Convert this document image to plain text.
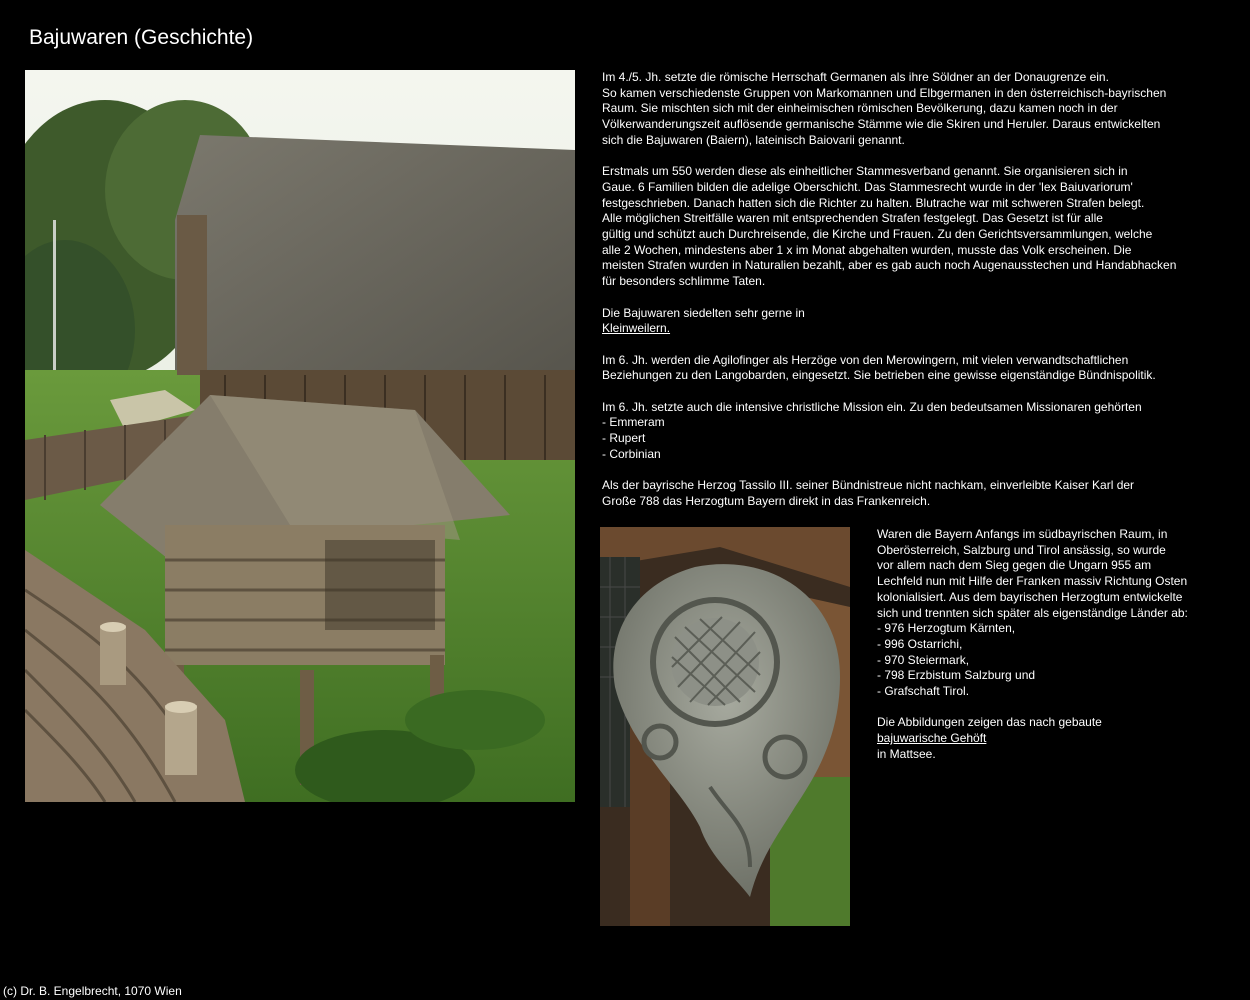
Bajuwaren (Geschichte)

Im 4./5. Jh. setzte die römische Herrschaft Germanen als ihre Söldner an der Donaugrenze ein.
So kamen verschiedenste Gruppen von Markomannen und Elbgermanen in den österreichisch-bayrischen
Raum. Sie mischten sich mit der einheimischen römischen Bevölkerung, dazu kamen noch in der
Völkerwanderungszeit auflösende germanische Stämme wie die Skiren und Heruler. Daraus entwickelten
sich die Bajuwaren (Baiern), lateinisch Baiovarii genannt.

Erstmals um 550 werden diese als einheitlicher Stammesverband genannt. Sie organisieren sich in
Gaue. 6 Familien bilden die adelige Oberschicht. Das Stammesrecht wurde in der 'lex Baiuvariorum'
festgeschrieben. Danach hatten sich die Richter zu halten. Blutrache war mit schweren Strafen belegt.
Alle möglichen Streitfälle waren mit entsprechenden Strafen festgelegt. Das Gesetzt ist für alle
gültig und schützt auch Durchreisende, die Kirche und Frauen. Zu den Gerichtsversammlungen, welche
alle 2 Wochen, mindestens aber 1 x im Monat abgehalten wurden, musste das Volk erscheinen. Die
meisten Strafen wurden in Naturalien bezahlt, aber es gab auch noch Augenausstechen und Handabhacken
für besonders schlimme Taten.

Die Bajuwaren siedelten sehr gerne in
Kleinweilern.

Im 6. Jh. werden die Agilofinger als Herzöge von den Merowingern, mit vielen verwandtschaftlichen
Beziehungen zu den Langobarden, eingesetzt. Sie betrieben eine gewisse eigenständige Bündnispolitik.

Im 6. Jh. setzte auch die intensive christliche Mission ein. Zu den bedeutsamen Missionaren gehörten
- Emmeram
- Rupert
- Corbinian

Als der bayrische Herzog Tassilo III. seiner Bündnistreue nicht nachkam, einverleibte Kaiser Karl der
Große 788 das Herzogtum Bayern direkt in das Frankenreich.

Waren die Bayern Anfangs im südbayrischen Raum, in
Oberösterreich, Salzburg und Tirol ansässig, so wurde
vor allem nach dem Sieg gegen die Ungarn 955 am
Lechfeld nun mit Hilfe der Franken massiv Richtung Osten
kolonialisiert. Aus dem bayrischen Herzogtum entwickelte
sich und trennten sich später als eigenständige Länder ab:
- 976 Herzogtum Kärnten,
- 996 Ostarrichi,
- 970 Steiermark,
- 798 Erzbistum Salzburg und
- Grafschaft Tirol.

Die Abbildungen zeigen das nach gebaute
bajuwarische Gehöft
in Mattsee.

(c) Dr. B. Engelbrecht, 1070 Wien
